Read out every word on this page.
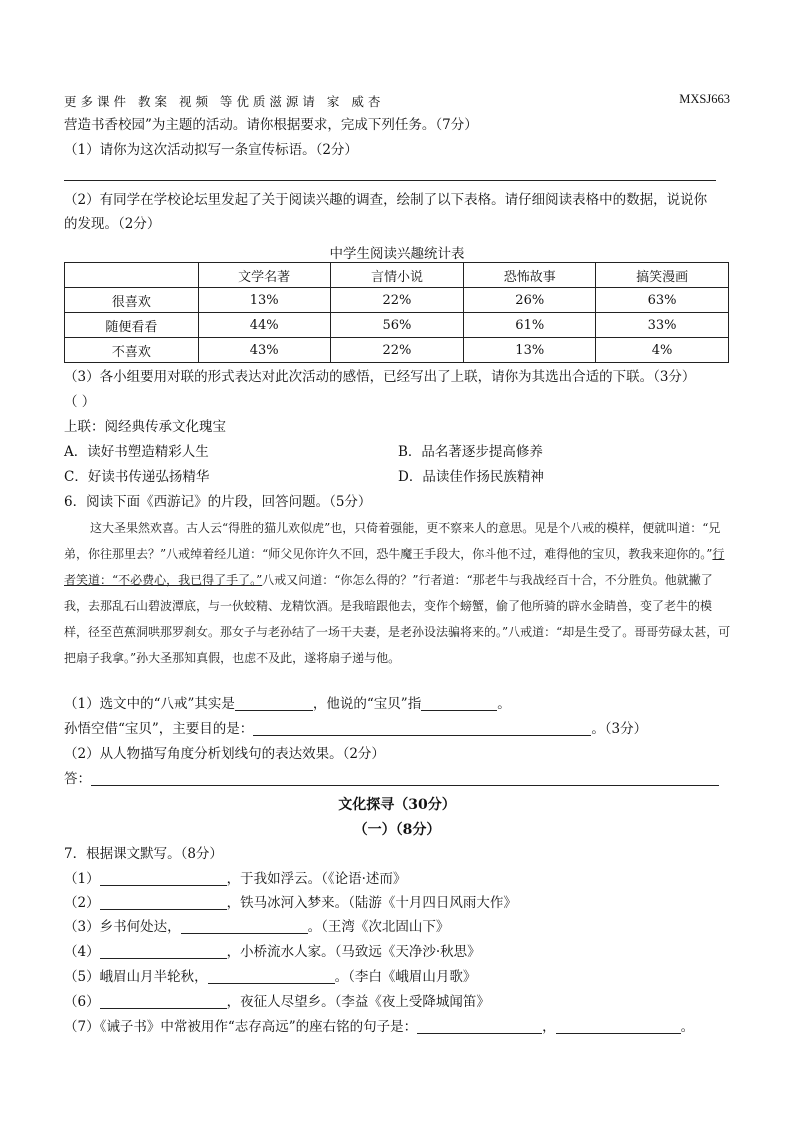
更多课件 教案 视频 等优质滋源请 家 威杏	MXSJ663
营造书香校园”为主题的活动。请你根据要求，完成下列任务。（7分）
（1）请你为这次活动拟写一条宣传标语。（2分）
（2）有同学在学校论坛里发起了关于阅读兴趣的调查，绘制了以下表格。请仔细阅读表格中的数据，说说你
的发现。（2分）
中学生阅读兴趣统计表
	文学名著	言情小说	恐怖故事	搞笑漫画
很喜欢	13%	22%	26%	63%
随便看看	44%	56%	61%	33%
不喜欢	43%	22%	13%	4%
（3）各小组要用对联的形式表达对此次活动的感悟，已经写出了上联，请你为其选出合适的下联。（3分）
（ ）
上联：阅经典传承文化瑰宝
A．读好书塑造精彩人生	B．品名著逐步提高修养
C．好读书传递弘扬精华	D．品读佳作扬民族精神
6．阅读下面《西游记》的片段，回答问题。（5分）
这大圣果然欢喜。古人云“得胜的猫儿欢似虎”也，只倚着强能，更不察来人的意思。见是个八戒的模样，便就叫道：“兄弟，你往那里去？”八戒绰着经儿道：“师父见你许久不回，恐牛魔王手段大，你斗他不过，难得他的宝贝，教我来迎你的。”行者笑道：“不必费心，我已得了手了。”八戒又问道：“你怎么得的？”行者道：“那老牛与我战经百十合，不分胜负。他就撇了我，去那乱石山碧波潭底，与一伙蛟精、龙精饮酒。是我暗跟他去，变作个螃蟹，偷了他所骑的辟水金睛兽，变了老牛的模样，径至芭蕉洞哄那罗刹女。那女子与老孙结了一场干夫妻，是老孙设法骗将来的。”八戒道：“却是生受了。哥哥劳碌太甚，可把扇子我拿。”孙大圣那知真假，也虑不及此，遂将扇子递与他。
（1）选文中的“八戒”其实是	，他说的“宝贝”指	。
孙悟空借“宝贝”，主要目的是：	。（3分）
（2）从人物描写角度分析划线句的表达效果。（2分）
答：
文化探寻（30分）
（一）（8分）
7．根据课文默写。（8分）
（1）	，于我如浮云。（《论语·述而》
（2）	，铁马冰河入梦来。（陆游《十月四日风雨大作》
（3）乡书何处达，	。（王湾《次北固山下》
（4）	，小桥流水人家。（马致远《天净沙·秋思》
（5）峨眉山月半轮秋，	。（李白《峨眉山月歌》
（6）	，夜征人尽望乡。（李益《夜上受降城闻笛》
（7）《诫子书》中常被用作“志存高远”的座右铭的句子是：	，	。
